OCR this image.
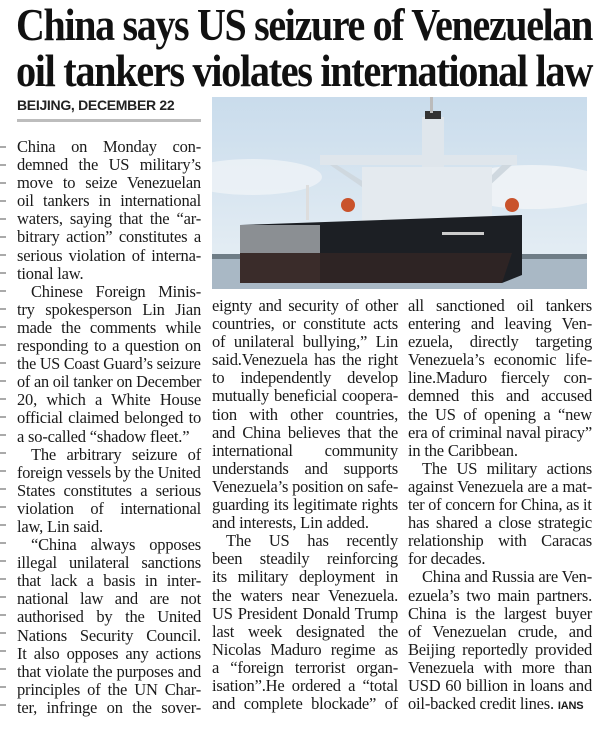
China says US seizure of Venezuelan
oil tankers violates international law
BEIJING, DECEMBER 22
China on Monday con-
demned the US military’s
move to seize Venezuelan
oil tankers in international
waters, saying that the “ar-
bitrary action” constitutes a
serious violation of interna-
tional law.
Chinese Foreign Minis-
try spokesperson Lin Jian
made the comments while
responding to a question on
the US Coast Guard’s seizure
of an oil tanker on December
20, which a White House
official claimed belonged to
a so-called “shadow fleet.”
The arbitrary seizure of
foreign vessels by the United
States constitutes a serious
violation of international
law, Lin said.
“China always opposes
illegal unilateral sanctions
that lack a basis in inter-
national law and are not
authorised by the United
Nations Security Council.
It also opposes any actions
that violate the purposes and
principles of the UN Char-
ter, infringe on the sover-
eignty and security of other
countries, or constitute acts
of unilateral bullying,” Lin
said.Venezuela has the right
to independently develop
mutually beneficial coopera-
tion with other countries,
and China believes that the
international community
understands and supports
Venezuela’s position on safe-
guarding its legitimate rights
and interests, Lin added.
The US has recently
been steadily reinforcing
its military deployment in
the waters near Venezuela.
US President Donald Trump
last week designated the
Nicolas Maduro regime as
a “foreign terrorist organ-
isation”.He ordered a “total
and complete blockade” of
all sanctioned oil tankers
entering and leaving Ven-
ezuela, directly targeting
Venezuela’s economic life-
line.Maduro fiercely con-
demned this and accused
the US of opening a “new
era of criminal naval piracy”
in the Caribbean.
The US military actions
against Venezuela are a mat-
ter of concern for China, as it
has shared a close strategic
relationship with Caracas
for decades.
China and Russia are Ven-
ezuela’s two main partners.
China is the largest buyer
of Venezuelan crude, and
Beijing reportedly provided
Venezuela with more than
USD 60 billion in loans and
oil-backed credit lines. IANS
